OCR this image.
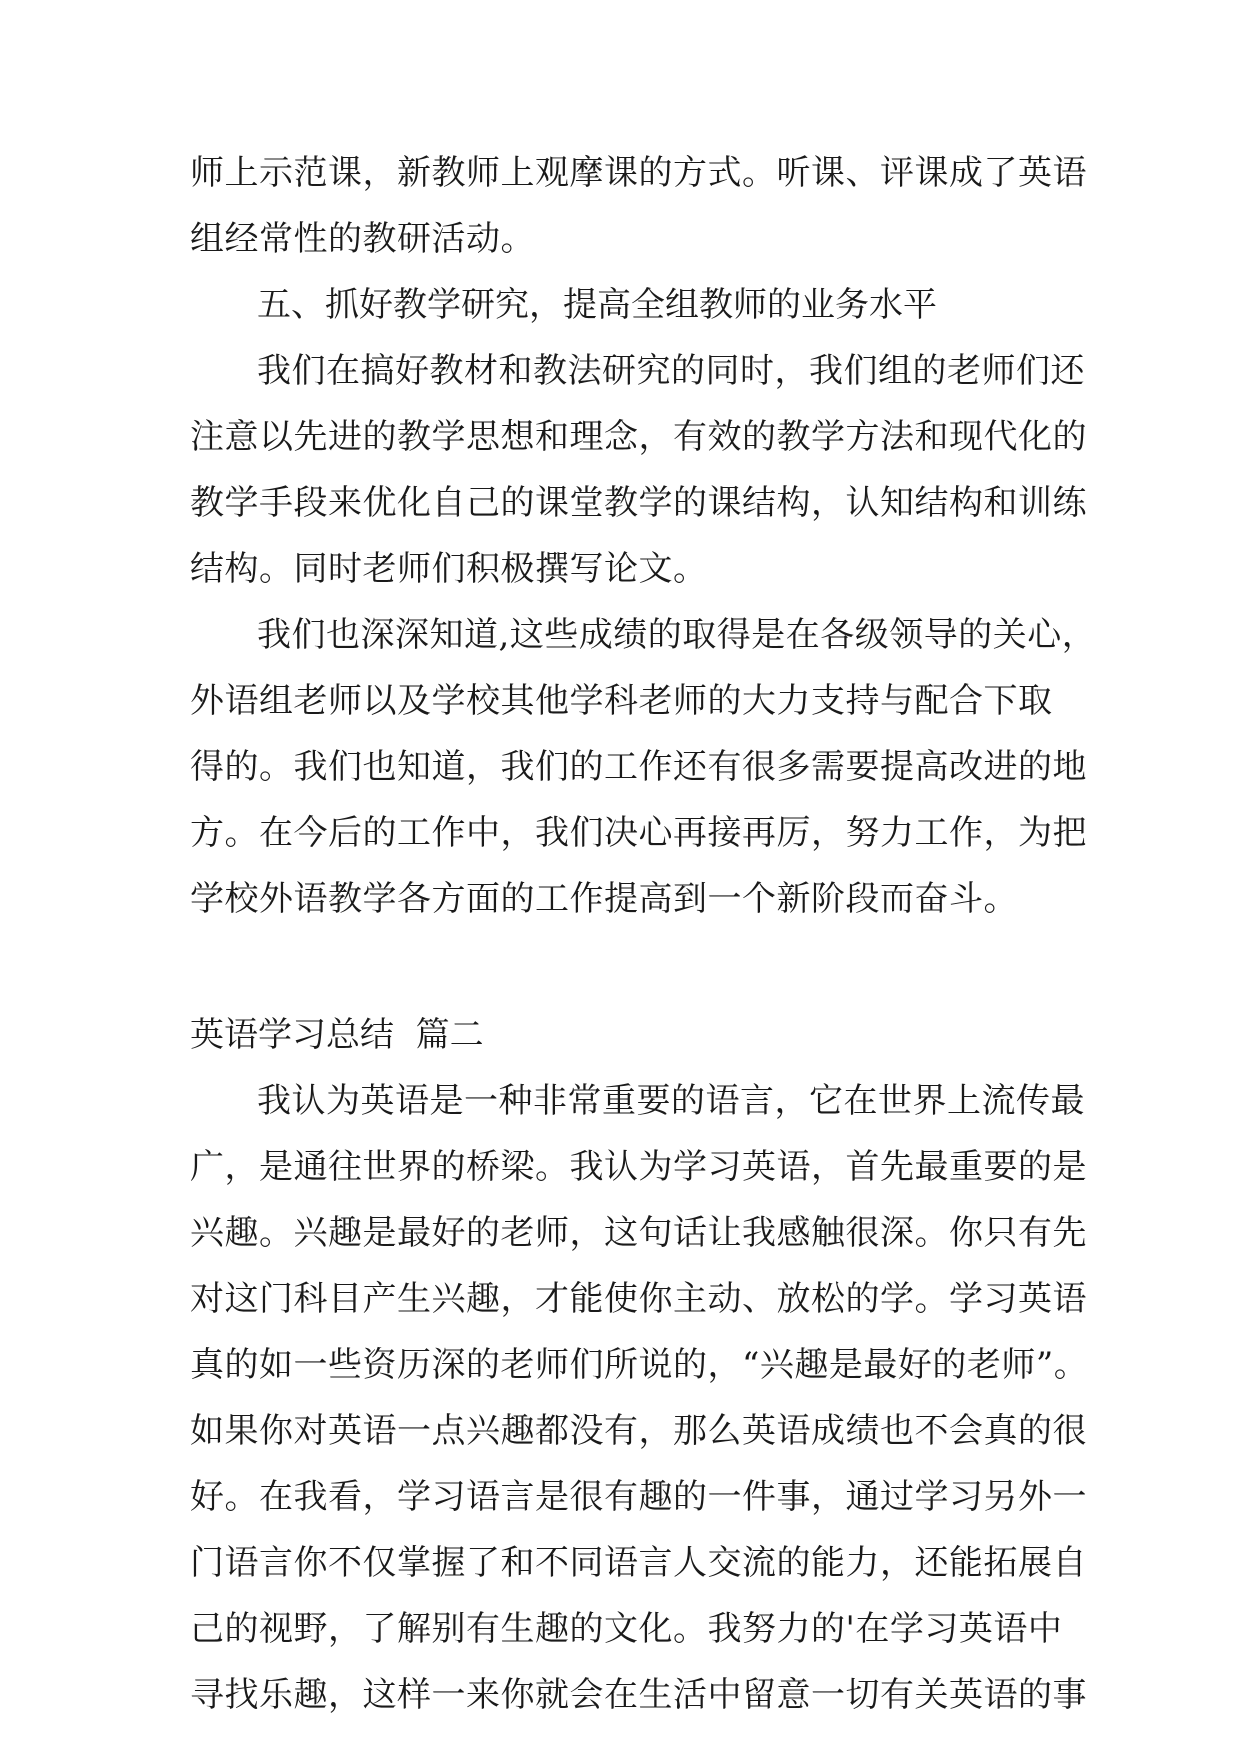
师上示范课，新教师上观摩课的方式。听课、评课成了英语
组经常性的教研活动。
五、抓好教学研究，提高全组教师的业务水平
我们在搞好教材和教法研究的同时，我们组的老师们还
注意以先进的教学思想和理念，有效的教学方法和现代化的
教学手段来优化自己的课堂教学的课结构，认知结构和训练
结构。同时老师们积极撰写论文。
我们也深深知道,这些成绩的取得是在各级领导的关心，
外语组老师以及学校其他学科老师的大力支持与配合下取
得的。我们也知道，我们的工作还有很多需要提高改进的地
方。在今后的工作中，我们决心再接再厉，努力工作，为把
学校外语教学各方面的工作提高到一个新阶段而奋斗。
英语学习总结  篇二
我认为英语是一种非常重要的语言，它在世界上流传最
广，是通往世界的桥梁。我认为学习英语，首先最重要的是
兴趣。兴趣是最好的老师，这句话让我感触很深。你只有先
对这门科目产生兴趣，才能使你主动、放松的学。学习英语
真的如一些资历深的老师们所说的，“兴趣是最好的老师”。
如果你对英语一点兴趣都没有，那么英语成绩也不会真的很
好。在我看，学习语言是很有趣的一件事，通过学习另外一
门语言你不仅掌握了和不同语言人交流的能力，还能拓展自
己的视野，了解别有生趣的文化。我努力的'在学习英语中
寻找乐趣，这样一来你就会在生活中留意一切有关英语的事
